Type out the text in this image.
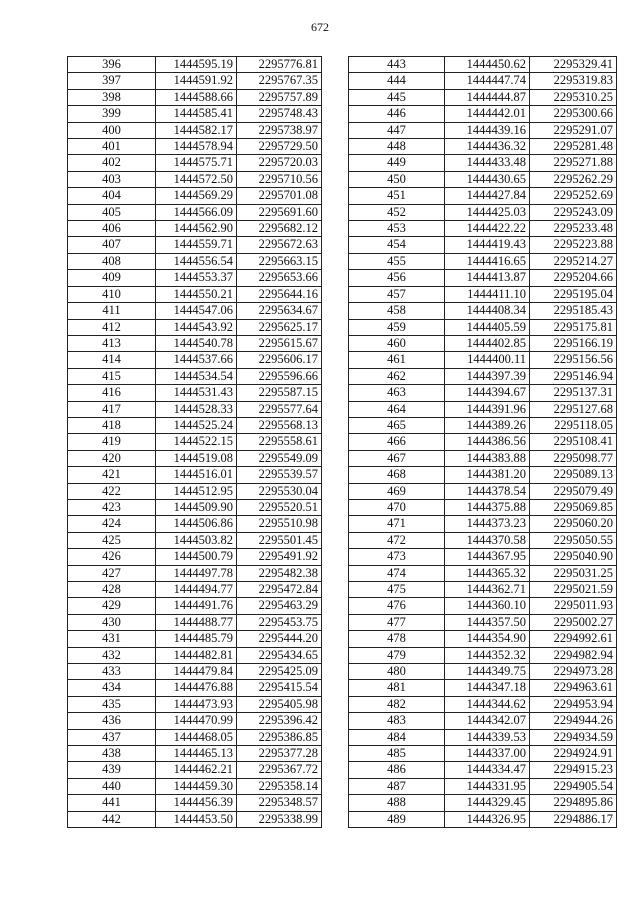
672
396	1444595.19	2295776.81
397	1444591.92	2295767.35
398	1444588.66	2295757.89
399	1444585.41	2295748.43
400	1444582.17	2295738.97
401	1444578.94	2295729.50
402	1444575.71	2295720.03
403	1444572.50	2295710.56
404	1444569.29	2295701.08
405	1444566.09	2295691.60
406	1444562.90	2295682.12
407	1444559.71	2295672.63
408	1444556.54	2295663.15
409	1444553.37	2295653.66
410	1444550.21	2295644.16
411	1444547.06	2295634.67
412	1444543.92	2295625.17
413	1444540.78	2295615.67
414	1444537.66	2295606.17
415	1444534.54	2295596.66
416	1444531.43	2295587.15
417	1444528.33	2295577.64
418	1444525.24	2295568.13
419	1444522.15	2295558.61
420	1444519.08	2295549.09
421	1444516.01	2295539.57
422	1444512.95	2295530.04
423	1444509.90	2295520.51
424	1444506.86	2295510.98
425	1444503.82	2295501.45
426	1444500.79	2295491.92
427	1444497.78	2295482.38
428	1444494.77	2295472.84
429	1444491.76	2295463.29
430	1444488.77	2295453.75
431	1444485.79	2295444.20
432	1444482.81	2295434.65
433	1444479.84	2295425.09
434	1444476.88	2295415.54
435	1444473.93	2295405.98
436	1444470.99	2295396.42
437	1444468.05	2295386.85
438	1444465.13	2295377.28
439	1444462.21	2295367.72
440	1444459.30	2295358.14
441	1444456.39	2295348.57
442	1444453.50	2295338.99
443	1444450.62	2295329.41
444	1444447.74	2295319.83
445	1444444.87	2295310.25
446	1444442.01	2295300.66
447	1444439.16	2295291.07
448	1444436.32	2295281.48
449	1444433.48	2295271.88
450	1444430.65	2295262.29
451	1444427.84	2295252.69
452	1444425.03	2295243.09
453	1444422.22	2295233.48
454	1444419.43	2295223.88
455	1444416.65	2295214.27
456	1444413.87	2295204.66
457	1444411.10	2295195.04
458	1444408.34	2295185.43
459	1444405.59	2295175.81
460	1444402.85	2295166.19
461	1444400.11	2295156.56
462	1444397.39	2295146.94
463	1444394.67	2295137.31
464	1444391.96	2295127.68
465	1444389.26	2295118.05
466	1444386.56	2295108.41
467	1444383.88	2295098.77
468	1444381.20	2295089.13
469	1444378.54	2295079.49
470	1444375.88	2295069.85
471	1444373.23	2295060.20
472	1444370.58	2295050.55
473	1444367.95	2295040.90
474	1444365.32	2295031.25
475	1444362.71	2295021.59
476	1444360.10	2295011.93
477	1444357.50	2295002.27
478	1444354.90	2294992.61
479	1444352.32	2294982.94
480	1444349.75	2294973.28
481	1444347.18	2294963.61
482	1444344.62	2294953.94
483	1444342.07	2294944.26
484	1444339.53	2294934.59
485	1444337.00	2294924.91
486	1444334.47	2294915.23
487	1444331.95	2294905.54
488	1444329.45	2294895.86
489	1444326.95	2294886.17
